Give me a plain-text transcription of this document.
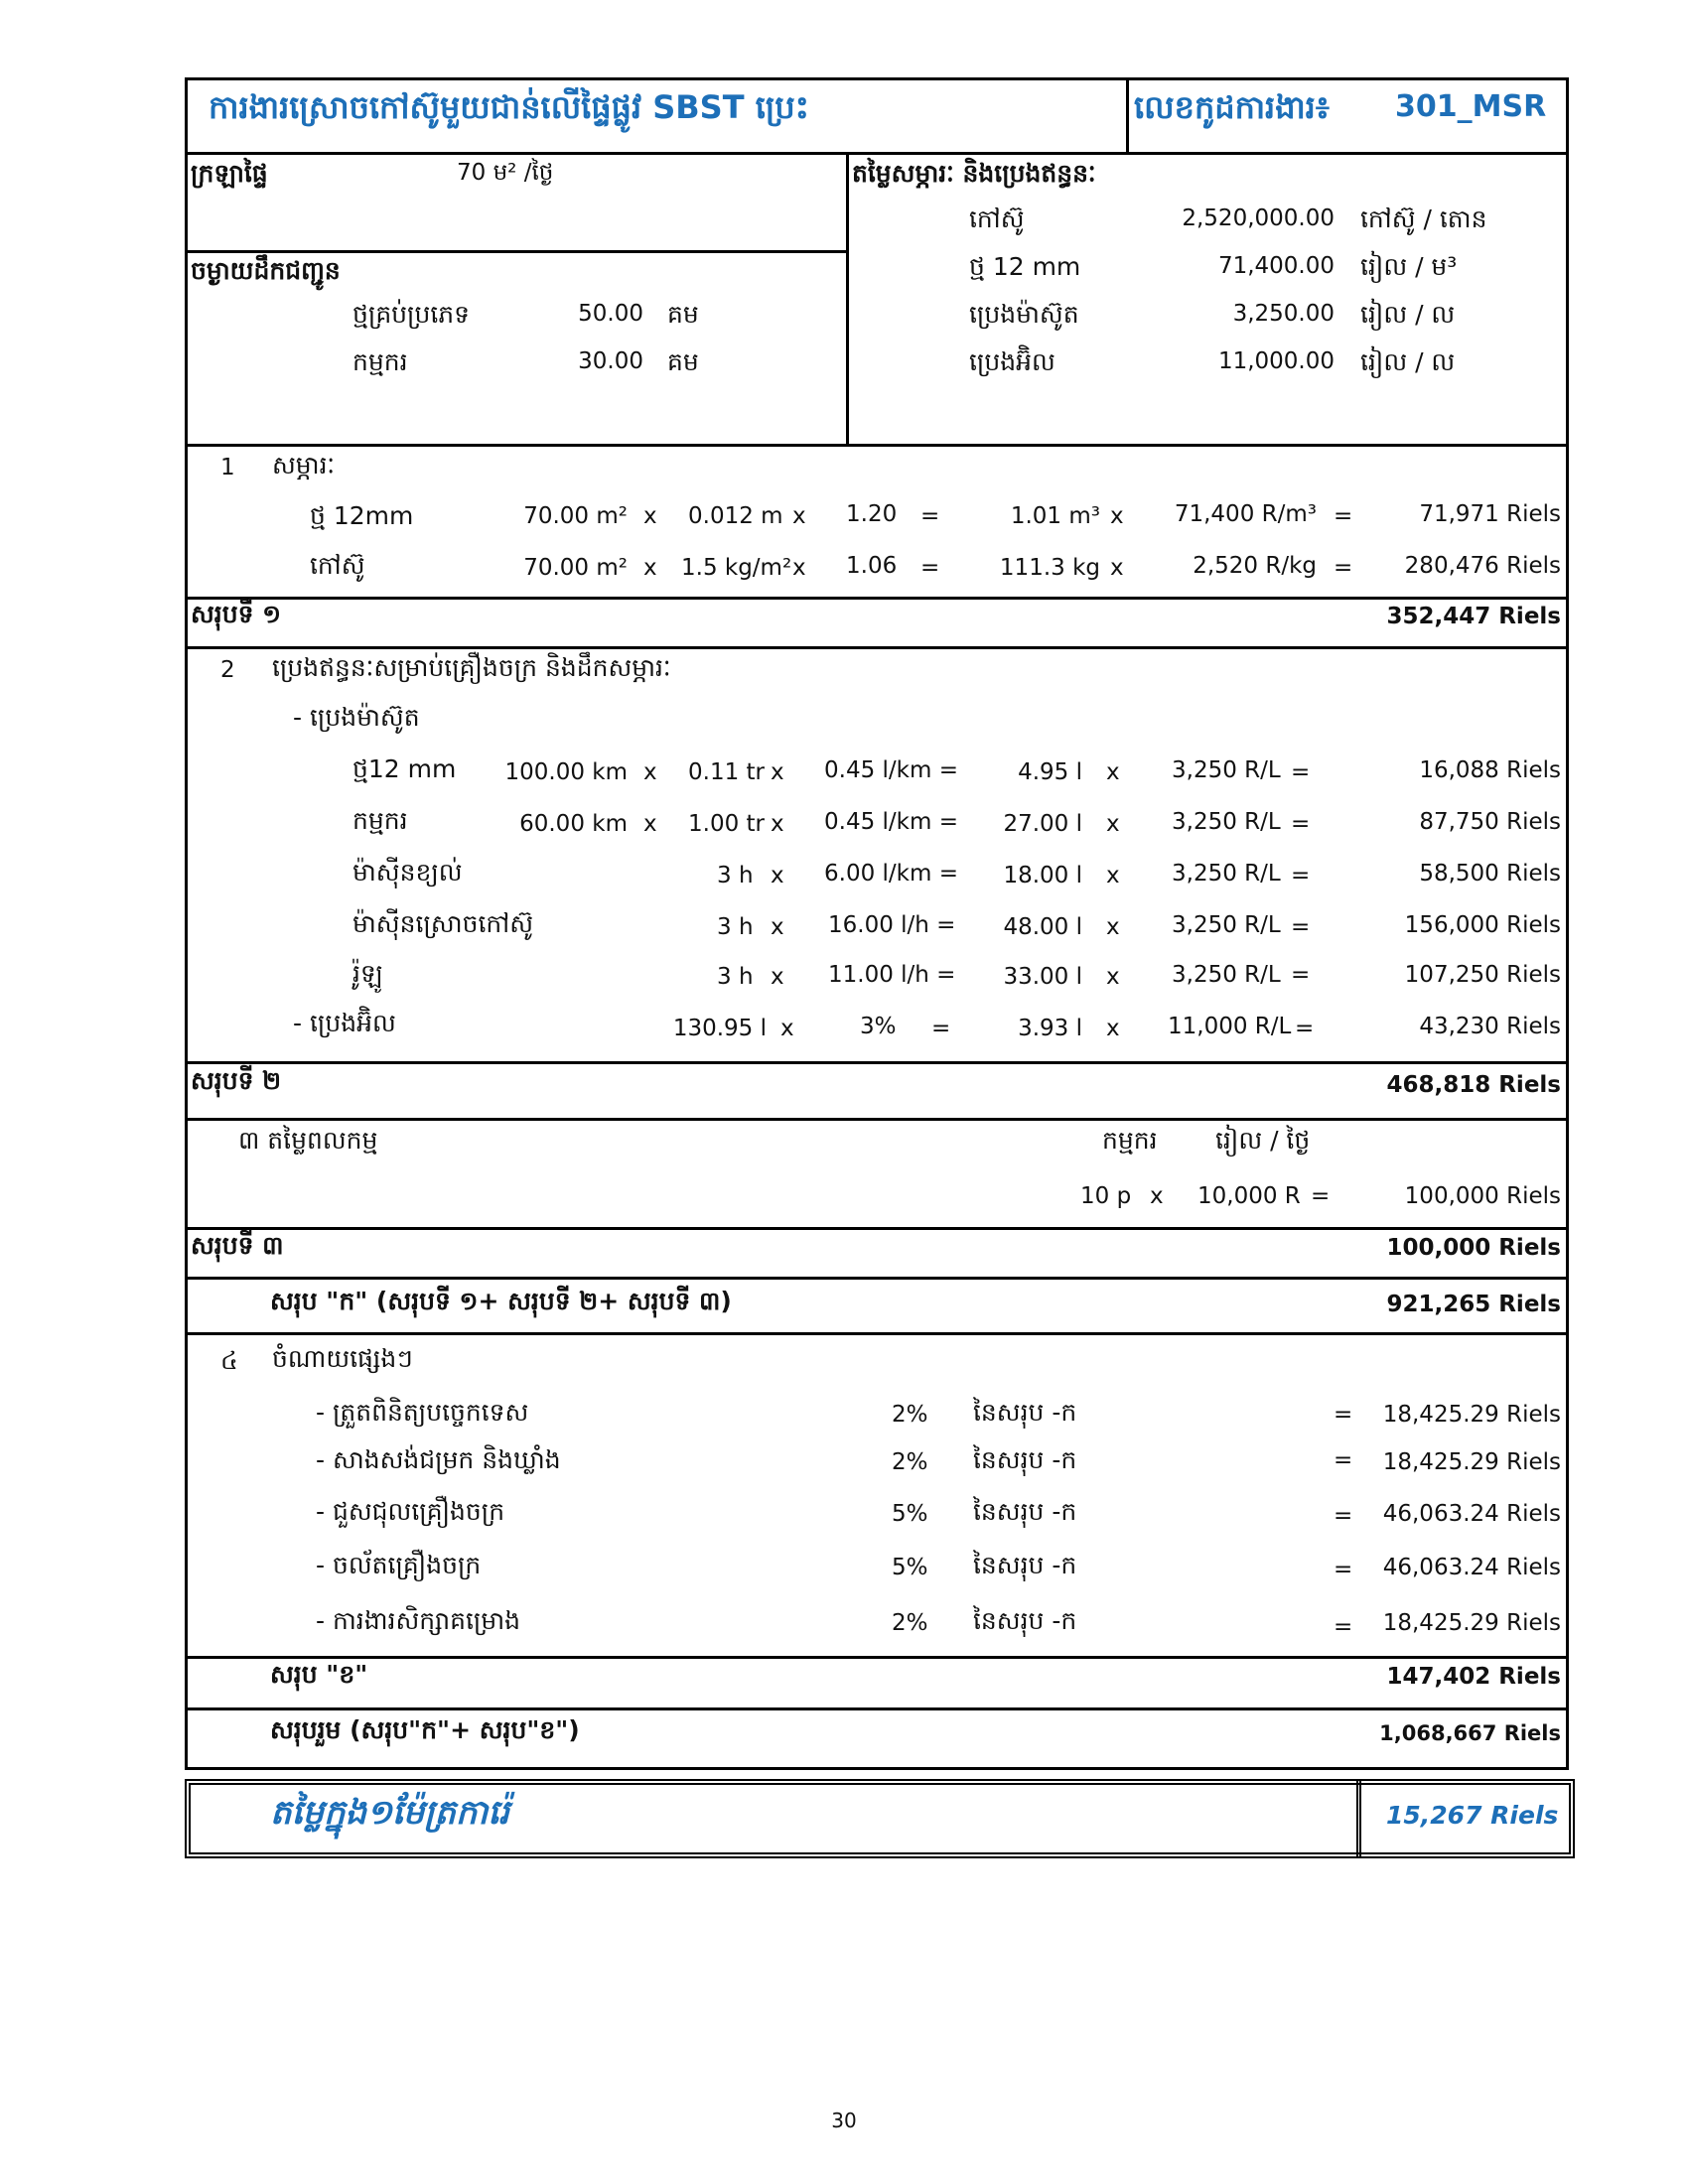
ការងារស្រោចកៅស៊ូមួយជាន់លើផ្ទៃផ្លូវ SBST ប្រេះ	លេខកូដការងារ៖ 301_MSR
ក្រឡាផ្ទៃ	70 ម² /ថ្ងៃ
ចម្ងាយដឹកជញ្ជូន
ថ្មគ្រប់ប្រភេទ	50.00 គម
កម្មករ	30.00 គម
តម្លៃសម្ភារៈ និងប្រេងឥន្ធនៈ
កៅស៊ូ	2,520,000.00 កៅស៊ូ / តោន
ថ្ម 12 mm	71,400.00 រៀល / ម³
ប្រេងម៉ាស៊ូត	3,250.00 រៀល / ល
ប្រេងអ៊ិល	11,000.00 រៀល / ល
1 សម្ភារៈ
ថ្ម 12mm	70.00 m² x 0.012 m x 1.20 =	1.01 m³ x	71,400 R/m³ =	71,971 Riels
កៅស៊ូ	70.00 m² x 1.5 kg/m² x 1.06 =	111.3 kg x	2,520 R/kg =	280,476 Riels
សរុបទី ១	352,447 Riels
2 ប្រេងឥន្ធនៈសម្រាប់គ្រឿងចក្រ និងដឹកសម្ភារៈ
- ប្រេងម៉ាស៊ូត
ថ្ម12 mm	100.00 km x 0.11 tr x 0.45 l/km =	4.95 l x 3,250 R/L =	16,088 Riels
កម្មករ	60.00 km x 1.00 tr x 0.45 l/km =	27.00 l x 3,250 R/L =	87,750 Riels
ម៉ាស៊ីនខ្យល់	3 h x 6.00 l/km =	18.00 l x 3,250 R/L =	58,500 Riels
ម៉ាស៊ីនស្រោចកៅស៊ូ	3 h x 16.00 l/h =	48.00 l x 3,250 R/L =	156,000 Riels
រ៉ូឡូ	3 h x 11.00 l/h =	33.00 l x 3,250 R/L =	107,250 Riels
- ប្រេងអ៊ិល	130.95 l x	3% =	3.93 l x 11,000 R/L =	43,230 Riels
សរុបទី ២	468,818 Riels
៣ តម្លៃពលកម្ម	កម្មករ រៀល / ថ្ងៃ
10 p x 10,000 R =	100,000 Riels
សរុបទី ៣	100,000 Riels
សរុប "ក" (សរុបទី ១+ សរុបទី ២+ សរុបទី ៣)	921,265 Riels
៤ ចំណាយផ្សេងៗ
- ត្រួតពិនិត្យបច្ចេកទេស	2% នៃសរុប -ក	=	18,425.29 Riels
- សាងសង់ជម្រក និងឃ្លាំង	2% នៃសរុប -ក	=	18,425.29 Riels
- ជួសជុលគ្រឿងចក្រ	5% នៃសរុប -ក	=	46,063.24 Riels
- ចល័តគ្រឿងចក្រ	5% នៃសរុប -ក	=	46,063.24 Riels
- ការងារសិក្សាគម្រោង	2% នៃសរុប -ក	=	18,425.29 Riels
សរុប "ខ"	147,402 Riels
សរុបរួម (សរុប"ក"+ សរុប"ខ")	1,068,667 Riels
តម្លៃក្នុង១ម៉ែត្រការ៉េ	15,267 Riels
30
